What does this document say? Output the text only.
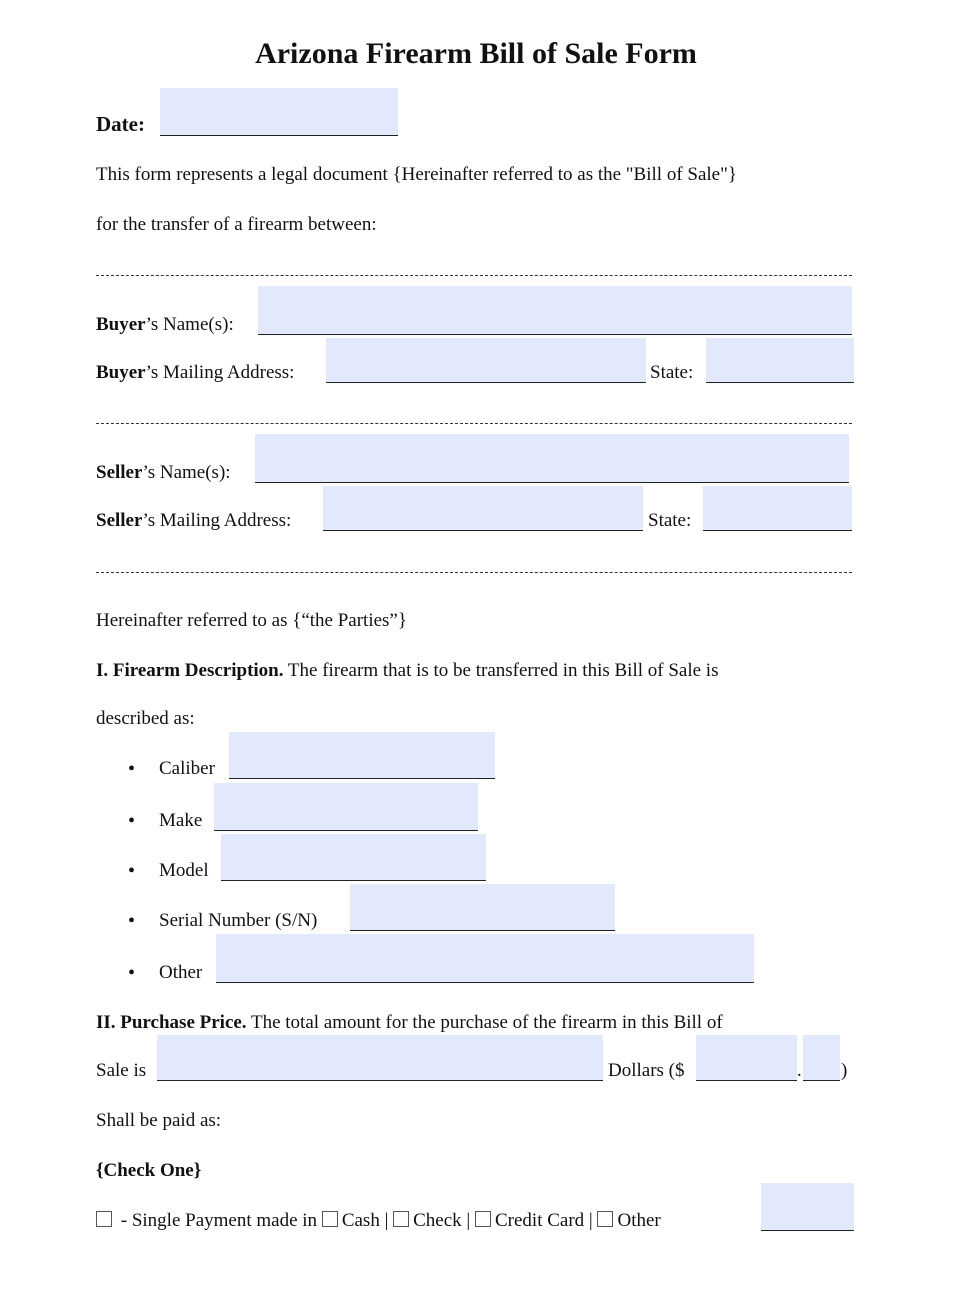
Arizona Firearm Bill of Sale Form
Date:
This form represents a legal document {Hereinafter referred to as the "Bill of Sale"}
for the transfer of a firearm between:
Buyer’s Name(s):
Buyer’s Mailing Address:	State:
Seller’s Name(s):
Seller’s Mailing Address:	State:
Hereinafter referred to as {“the Parties”}
I. Firearm Description. The firearm that is to be transferred in this Bill of Sale is
described as:
• Caliber
• Make
• Model
• Serial Number (S/N)
• Other
II. Purchase Price. The total amount for the purchase of the firearm in this Bill of
Sale is	Dollars ($	. )
Shall be paid as:
{Check One}
- Single Payment made in Cash | Check | Credit Card | Other
